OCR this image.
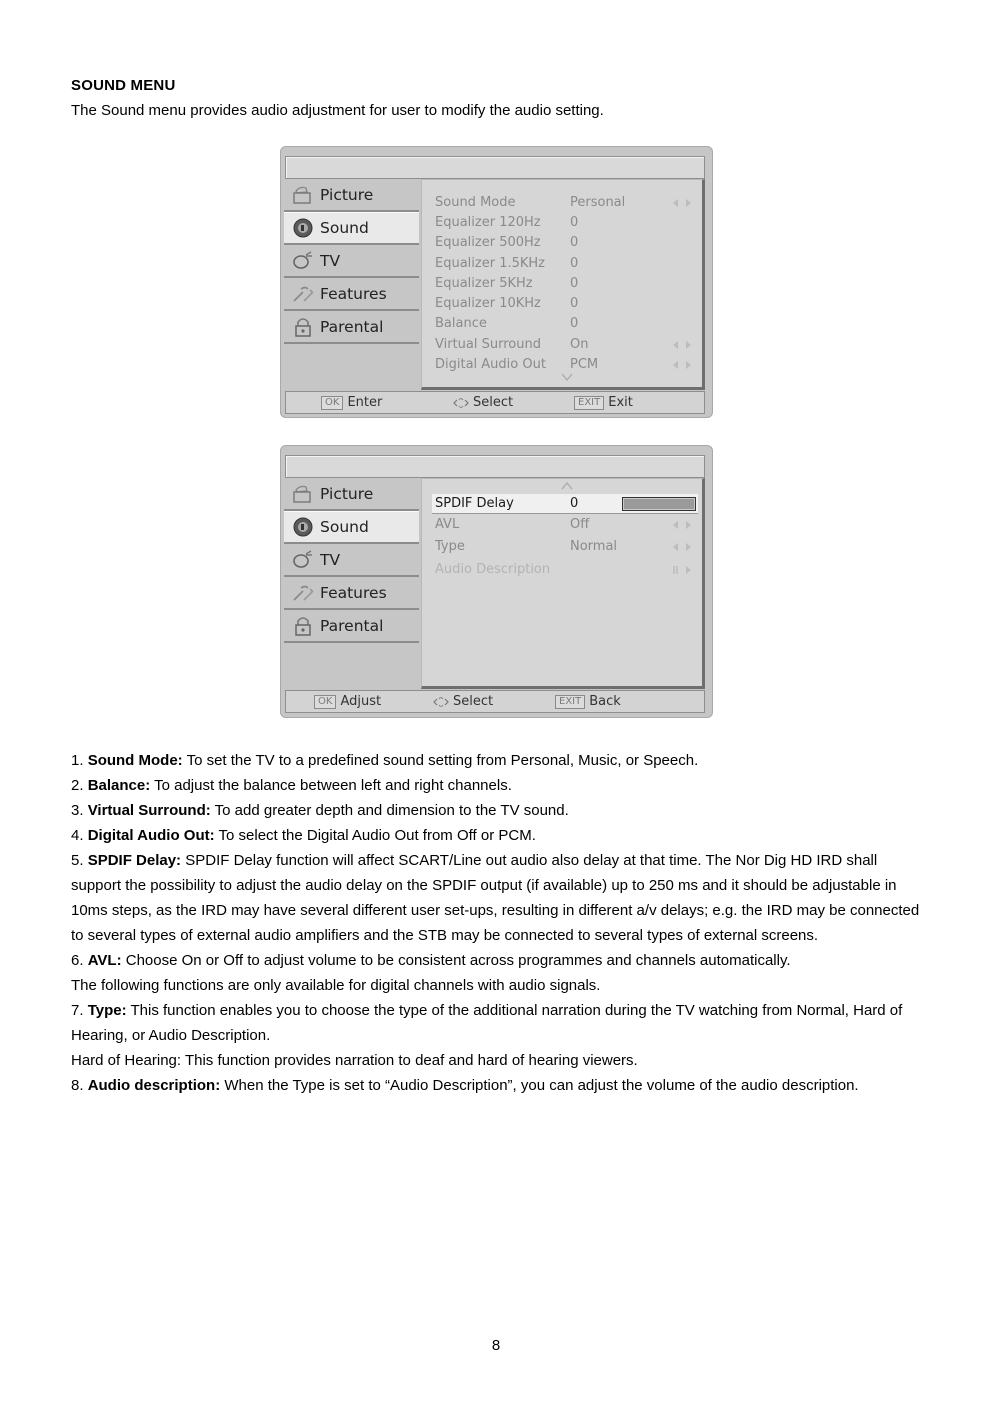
SOUND MENU
The Sound menu provides audio adjustment for user to modify the audio setting.
Picture
Sound
TV
Features
Parental
Sound Mode	Personal
Equalizer 120Hz 0
Equalizer 500Hz 0
Equalizer 1.5KHz 0
Equalizer 5KHz	0
Equalizer 10KHz 0
Balance	0
Virtual Surround On
Digital Audio Out PCM
OK Enter	Select	EXIT Exit
Picture
Sound
TV
Features
Parental
SPDIF Delay	0
AVL	Off
Type	Normal
Audio Description
OK Adjust	Select	EXIT Back

1. Sound Mode: To set the TV to a predefined sound setting from Personal, Music, or Speech.

2. Balance: To adjust the balance between left and right channels.

3. Virtual Surround: To add greater depth and dimension to the TV sound.

4. Digital Audio Out: To select the Digital Audio Out from Off or PCM.

5. SPDIF Delay: SPDIF Delay function will affect SCART/Line out audio also delay at that time. The Nor Dig HD IRD shall support the possibility to adjust the audio delay on the SPDIF output (if available) up to 250 ms and it should be adjustable in 10ms steps, as the IRD may have several different user set-ups, resulting in different a/v delays; e.g. the IRD may be connected to several types of external audio amplifiers and the STB may be connected to several types of external screens.

6. AVL: Choose On or Off to adjust volume to be consistent across programmes and channels automatically.

The following functions are only available for digital channels with audio signals.

7. Type: This function enables you to choose the type of the additional narration during the TV watching from Normal, Hard of Hearing, or Audio Description.

Hard of Hearing: This function provides narration to deaf and hard of hearing viewers.

8. Audio description: When the Type is set to “Audio Description”, you can adjust the volume of the audio description.

8
